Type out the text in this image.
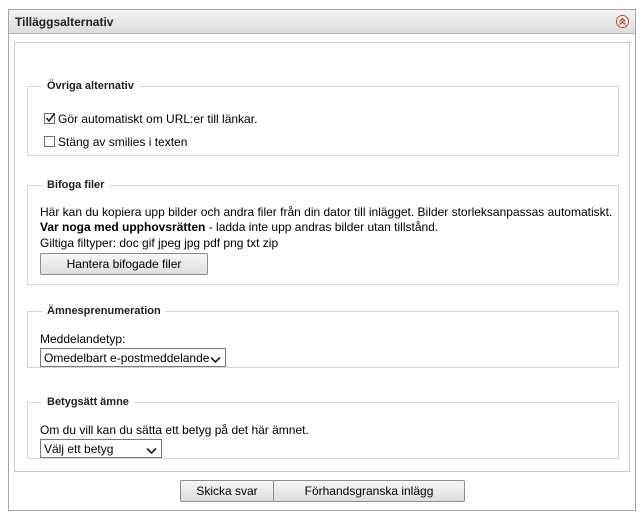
Tilläggsalternativ
Övriga alternativ
Gör automatiskt om URL:er till länkar.
Stäng av smilies i texten
Bifoga filer
Här kan du kopiera upp bilder och andra filer från din dator till inlägget. Bilder storleksanpassas automatiskt.
Var noga med upphovsrätten - ladda inte upp andras bilder utan tillstånd.
Giltiga filtyper: doc gif jpeg jpg pdf png txt zip
Hantera bifogade filer
Ämnesprenumeration
Meddelandetyp:
Omedelbart e-postmeddelande
Betygsätt ämne
Om du vill kan du sätta ett betyg på det här ämnet.
Välj ett betyg
Skicka svar	Förhandsgranska inlägg
